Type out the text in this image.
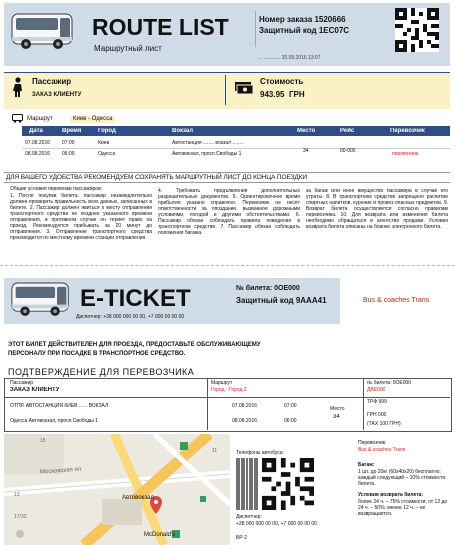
ROUTE LIST
Маршрутный лист
Номер заказа 1520666
Защитный код 1ЕС07С
... ............ 20.09.2016 13:07
Пассажир
ЗАКАЗ КЛИЕНТУ
Стоимость
943.95 ГРН
Маршрут	Киев - Одесса
Дата	Время	Город	Вокзал	Место	Рейс	Перевозчик
07.08.2016 07:00	Киев	Автостанция ........ вокзал ........
08.08.2016 06:00	Одесса	Автовокзал, просп.Свободы 1	34	00-000	перевозчик
ДЛЯ ВАШЕГО УДОБСТВА РЕКОМЕНДУЕМ СОХРАНЯТЬ МАРШРУТНЫЙ ЛИСТ ДО КОНЦА ПОЕЗДКИ
Общие условия перевозки пассажиров:
1. После покупки билета, пассажир незамедлительно должен проверить правильность всех данных, записанных в билете. 2. Пассажир должен явиться к месту отправления транспортного средства не позднее указанного времени отправления, в противном случае он теряет право на проезд. Рекомендуется прибывать за 20 минут до отправления. 3. Отправление транспортного средства производится по местному времени станции отправления.
4. Требовать предъявления дополнительных разрешительных документов. 5. Ориентировочное время прибытия указано справочно. Перевозчик не несёт ответственности за опоздание, вызванное дорожными условиями, погодой и другими обстоятельствами. 6. Пассажир обязан соблюдать правила поведения в транспортном средстве. 7. Пассажир обязан соблюдать положения багажа.
за багаж или иное имущество пассажира в случае его утраты. 8. В транспортном средстве запрещено распитие спиртных напитков, курение и провоз опасных предметов. 9. Возврат билета осуществляется согласно правилам перевозчика. 10. Для возврата или изменения билета необходимо обращаться в агентство продажи. Условия возврата билета описаны на бланке электронного билета.
E-TICKET
Диспетчер: +38 000 000 00 00, +7 000 00 00 00
№ билета: 0ОЕ000
Защитный код 9ААА41	Bus & coaches Trans
ЭТОТ БИЛЕТ ДЕЙСТВИТЕЛЕН ДЛЯ ПРОЕЗДА, ПРЕДОСТАВЬТЕ ОБСЛУЖИВАЮЩЕМУ ПЕРСОНАЛУ ПРИ ПОСАДКЕ В ТРАНСПОРТНОЕ СРЕДСТВО.
ПОДТВЕРЖДЕНИЕ ДЛЯ ПЕРЕВОЗЧИКА
Пассажир
ЗАКАЗ КЛИЕНТУ
Маршрут
Город - Город 2
№ билета: 0ОЕ000
ДВЕ000
ОТПР. АВТОСТАНЦИЯ КИЕВ ...... ВОКЗАЛ	07.08.2016	07:00
Одесса Автовокзал, просп.Свободы 1	08.08.2016	06:00
Место
34
ТРФ 999
ГРН 000
(ТАХ 100 ГРН)
Автовокзал
Московская пл.
McDonald's
15
13
17/32
11	Телефоны автобуса:
Диспетчер:
+38 000 000 00 00, +7 000 00 00 00
БР-2
Перевозчик:
Bus & coaches Trans
Багаж:
1 шт. до 20кг (60x40x20) бесплатно; каждый следующий – 10% стоимости билета.
Условия возврата билета:
более 24 ч. – 75% стоимости; от 12 до 24 ч. – 50%; менее 12 ч. – не возвращается.
